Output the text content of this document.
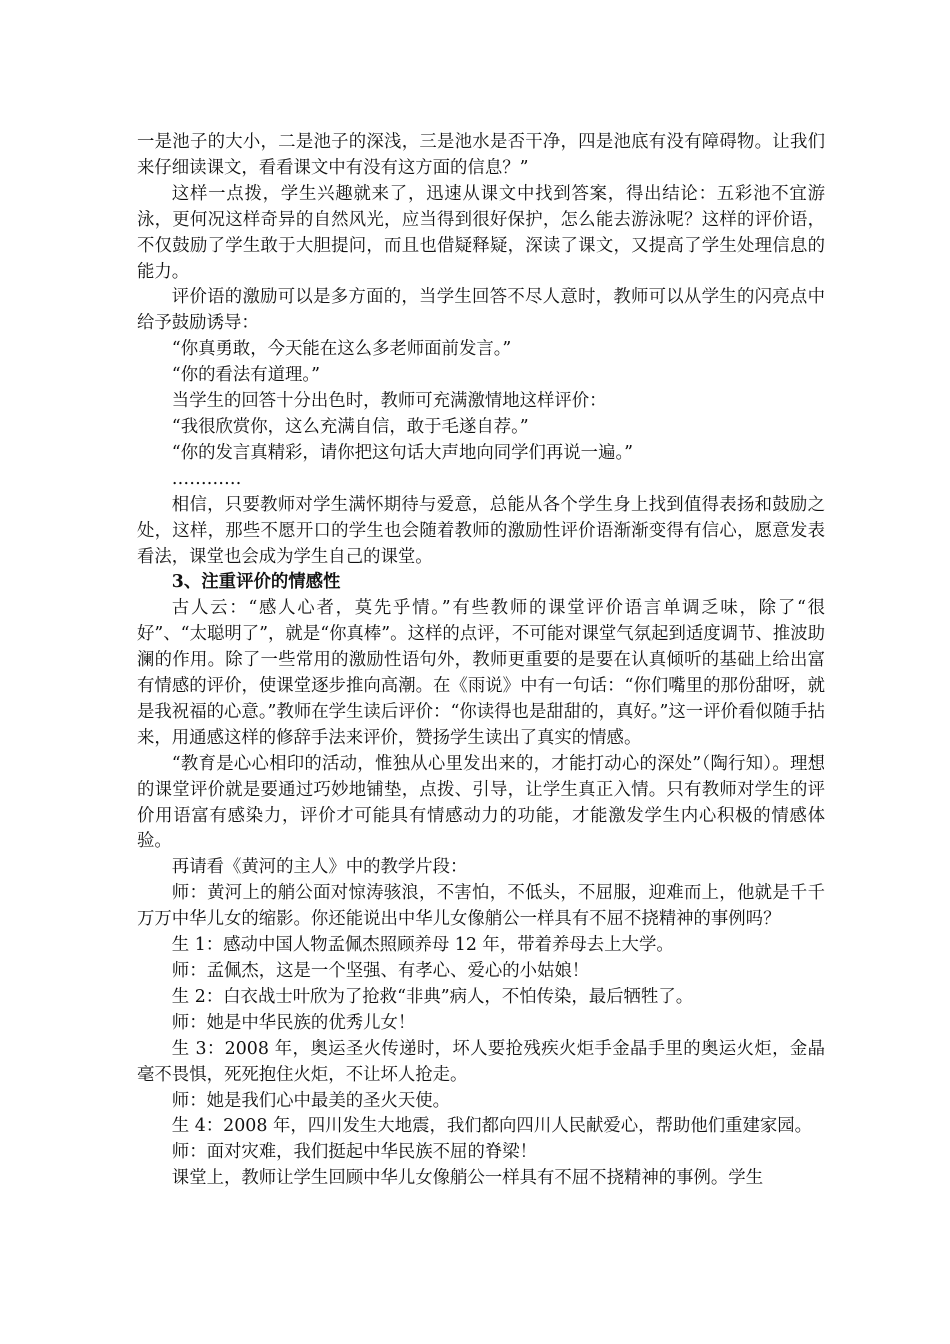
一是池子的大小，二是池子的深浅，三是池水是否干净，四是池底有没有障碍物。让我们来仔细读课文，看看课文中有没有这方面的信息？”

这样一点拨，学生兴趣就来了，迅速从课文中找到答案，得出结论：五彩池不宜游泳，更何况这样奇异的自然风光，应当得到很好保护，怎么能去游泳呢？这样的评价语，不仅鼓励了学生敢于大胆提问，而且也借疑释疑，深读了课文，又提高了学生处理信息的能力。

评价语的激励可以是多方面的，当学生回答不尽人意时，教师可以从学生的闪亮点中给予鼓励诱导：

“你真勇敢，今天能在这么多老师面前发言。”

“你的看法有道理。”

当学生的回答十分出色时，教师可充满激情地这样评价：

“我很欣赏你，这么充满自信，敢于毛遂自荐。”

“你的发言真精彩，请你把这句话大声地向同学们再说一遍。”

…………

相信，只要教师对学生满怀期待与爱意，总能从各个学生身上找到值得表扬和鼓励之处，这样，那些不愿开口的学生也会随着教师的激励性评价语渐渐变得有信心，愿意发表看法，课堂也会成为学生自己的课堂。

3、注重评价的情感性

古人云：“感人心者，莫先乎情。”有些教师的课堂评价语言单调乏味，除了“很好”、“太聪明了”，就是“你真棒”。这样的点评，不可能对课堂气氛起到适度调节、推波助澜的作用。除了一些常用的激励性语句外，教师更重要的是要在认真倾听的基础上给出富有情感的评价，使课堂逐步推向高潮。在《雨说》中有一句话：“你们嘴里的那份甜呀，就是我祝福的心意。”教师在学生读后评价：“你读得也是甜甜的，真好。”这一评价看似随手拈来，用通感这样的修辞手法来评价，赞扬学生读出了真实的情感。

“教育是心心相印的活动，惟独从心里发出来的，才能打动心的深处”（陶行知）。理想的课堂评价就是要通过巧妙地铺垫，点拨、引导，让学生真正入情。只有教师对学生的评价用语富有感染力，评价才可能具有情感动力的功能，才能激发学生内心积极的情感体验。

再请看《黄河的主人》中的教学片段：

师：黄河上的艄公面对惊涛骇浪，不害怕，不低头，不屈服，迎难而上，他就是千千万万中华儿女的缩影。你还能说出中华儿女像艄公一样具有不屈不挠精神的事例吗？

生 1：感动中国人物孟佩杰照顾养母 12 年，带着养母去上大学。

师：孟佩杰，这是一个坚强、有孝心、爱心的小姑娘！

生 2：白衣战士叶欣为了抢救“非典”病人，不怕传染，最后牺牲了。

师：她是中华民族的优秀儿女！

生 3：2008 年，奥运圣火传递时，坏人要抢残疾火炬手金晶手里的奥运火炬，金晶毫不畏惧，死死抱住火炬，不让坏人抢走。

师：她是我们心中最美的圣火天使。

生 4：2008 年，四川发生大地震，我们都向四川人民献爱心，帮助他们重建家园。

师：面对灾难，我们挺起中华民族不屈的脊梁！

课堂上，教师让学生回顾中华儿女像艄公一样具有不屈不挠精神的事例。学生
